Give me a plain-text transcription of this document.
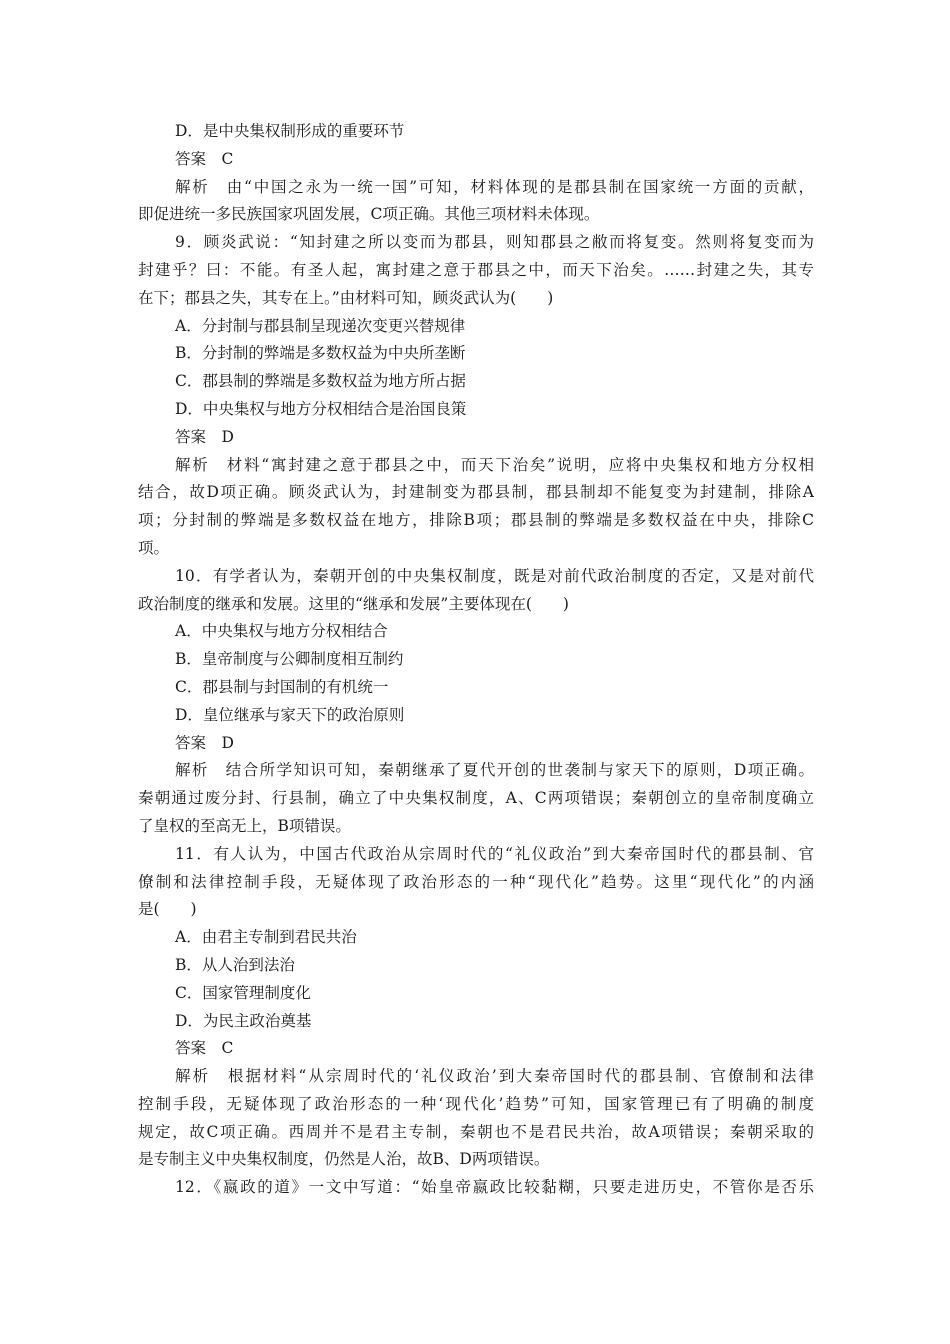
D．是中央集权制形成的重要环节
答案　C
解析　由“中国之永为一统一国”可知，材料体现的是郡县制在国家统一方面的贡献，
即促进统一多民族国家巩固发展，C项正确。其他三项材料未体现。
9．顾炎武说：“知封建之所以变而为郡县，则知郡县之敝而将复变。然则将复变而为
封建乎？曰：不能。有圣人起，寓封建之意于郡县之中，而天下治矣。……封建之失，其专
在下；郡县之失，其专在上。”由材料可知，顾炎武认为(　　)
A．分封制与郡县制呈现递次变更兴替规律
B．分封制的弊端是多数权益为中央所垄断
C．郡县制的弊端是多数权益为地方所占据
D．中央集权与地方分权相结合是治国良策
答案　D
解析　材料“寓封建之意于郡县之中，而天下治矣”说明，应将中央集权和地方分权相
结合，故D项正确。顾炎武认为，封建制变为郡县制，郡县制却不能复变为封建制，排除A
项；分封制的弊端是多数权益在地方，排除B项；郡县制的弊端是多数权益在中央，排除C
项。
10．有学者认为，秦朝开创的中央集权制度，既是对前代政治制度的否定，又是对前代
政治制度的继承和发展。这里的“继承和发展”主要体现在(　　)
A．中央集权与地方分权相结合
B．皇帝制度与公卿制度相互制约
C．郡县制与封国制的有机统一
D．皇位继承与家天下的政治原则
答案　D
解析　结合所学知识可知，秦朝继承了夏代开创的世袭制与家天下的原则，D项正确。
秦朝通过废分封、行县制，确立了中央集权制度，A、C两项错误；秦朝创立的皇帝制度确立
了皇权的至高无上，B项错误。
11．有人认为，中国古代政治从宗周时代的“礼仪政治”到大秦帝国时代的郡县制、官
僚制和法律控制手段，无疑体现了政治形态的一种“现代化”趋势。这里“现代化”的内涵
是(　　)
A．由君主专制到君民共治
B．从人治到法治
C．国家管理制度化
D．为民主政治奠基
答案　C
解析　根据材料“从宗周时代的‘礼仪政治’到大秦帝国时代的郡县制、官僚制和法律
控制手段，无疑体现了政治形态的一种‘现代化’趋势”可知，国家管理已有了明确的制度
规定，故C项正确。西周并不是君主专制，秦朝也不是君民共治，故A项错误；秦朝采取的
是专制主义中央集权制度，仍然是人治，故B、D两项错误。
12．《嬴政的道》一文中写道：“始皇帝嬴政比较黏糊，只要走进历史，不管你是否乐
